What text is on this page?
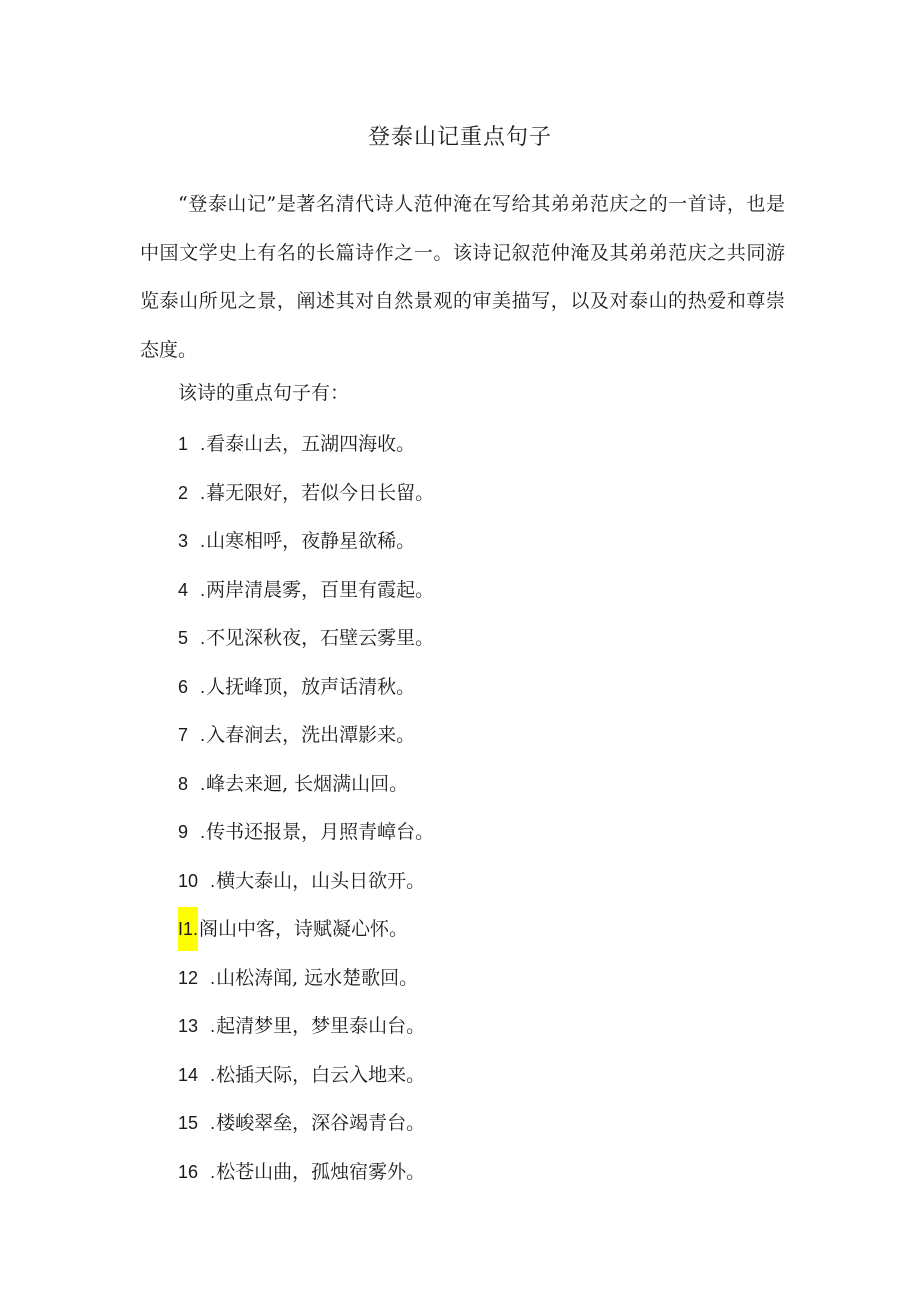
登泰山记重点句子

“登泰山记”是著名清代诗人范仲淹在写给其弟弟范庆之的一首诗，也是中国文学史上有名的长篇诗作之一。该诗记叙范仲淹及其弟弟范庆之共同游览泰山所见之景，阐述其对自然景观的审美描写，以及对泰山的热爱和尊崇态度。

该诗的重点句子有：
1 .看泰山去，五湖四海收。
2 .暮无限好，若似今日长留。
3 .山寒相呼，夜静星欲稀。
4 .两岸清晨雾，百里有霞起。
5 .不见深秋夜，石壁云雾里。
6 .人抚峰顶，放声话清秋。
7 .入春涧去，洗出潭影来。
8 .峰去来迴, 长烟满山回。
9 .传书还报景，月照青嶂台。
10 .横大泰山，山头日欲开。
I1.阁山中客，诗赋凝心怀。
12 .山松涛闻, 远水楚歌回。
13 .起清梦里，梦里泰山台。
14 .松插天际，白云入地来。
15 .楼峻翠垒，深谷竭青台。
16 .松苍山曲，孤烛宿雾外。
